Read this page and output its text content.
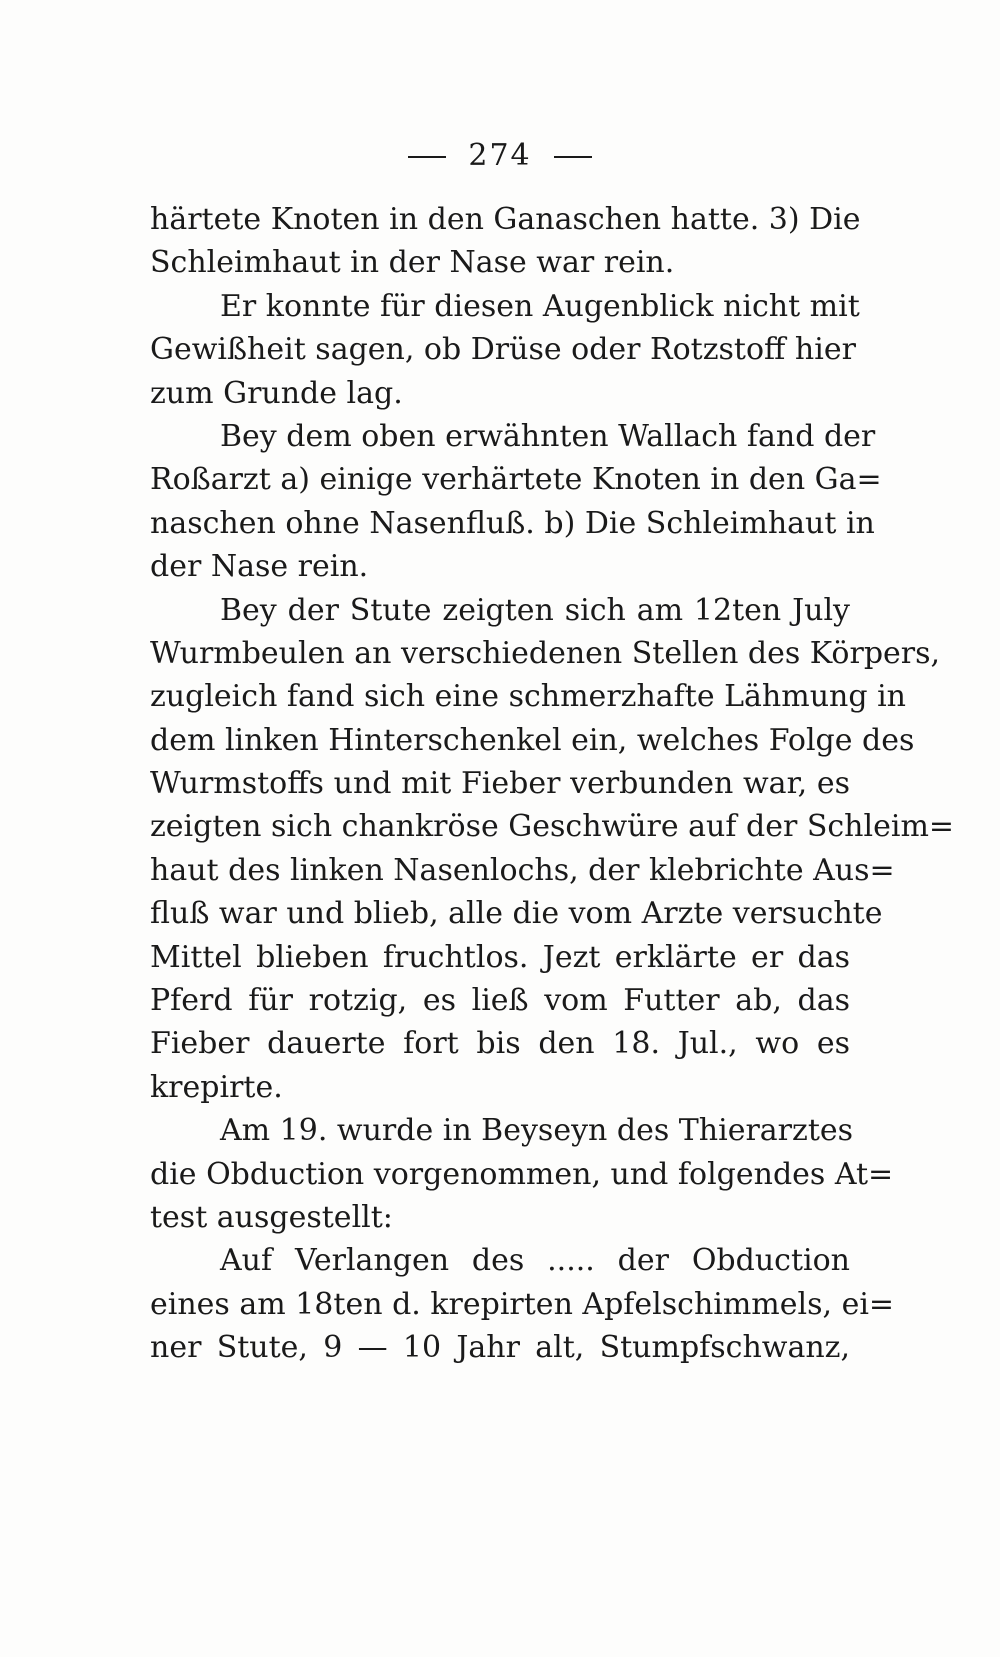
274
härtete Knoten in den Ganaschen hatte. 3) Die
Schleimhaut in der Nase war rein.
Er konnte für diesen Augenblick nicht mit
Gewißheit sagen, ob Drüse oder Rotzstoff hier
zum Grunde lag.
Bey dem oben erwähnten Wallach fand der
Roßarzt a) einige verhärtete Knoten in den Ga=
naschen ohne Nasenfluß. b) Die Schleimhaut in
der Nase rein.
Bey der Stute zeigten sich am 12ten July
Wurmbeulen an verschiedenen Stellen des Körpers,
zugleich fand sich eine schmerzhafte Lähmung in
dem linken Hinterschenkel ein, welches Folge des
Wurmstoffs und mit Fieber verbunden war, es
zeigten sich chankröse Geschwüre auf der Schleim=
haut des linken Nasenlochs, der klebrichte Aus=
fluß war und blieb, alle die vom Arzte versuchte
Mittel blieben fruchtlos. Jezt erklärte er das
Pferd für rotzig, es ließ vom Futter ab, das
Fieber dauerte fort bis den 18. Jul., wo es
krepirte.
Am 19. wurde in Beyseyn des Thierarztes
die Obduction vorgenommen, und folgendes At=
test ausgestellt:
Auf Verlangen des ..... der Obduction
eines am 18ten d. krepirten Apfelschimmels, ei=
ner Stute, 9 — 10 Jahr alt, Stumpfschwanz,
